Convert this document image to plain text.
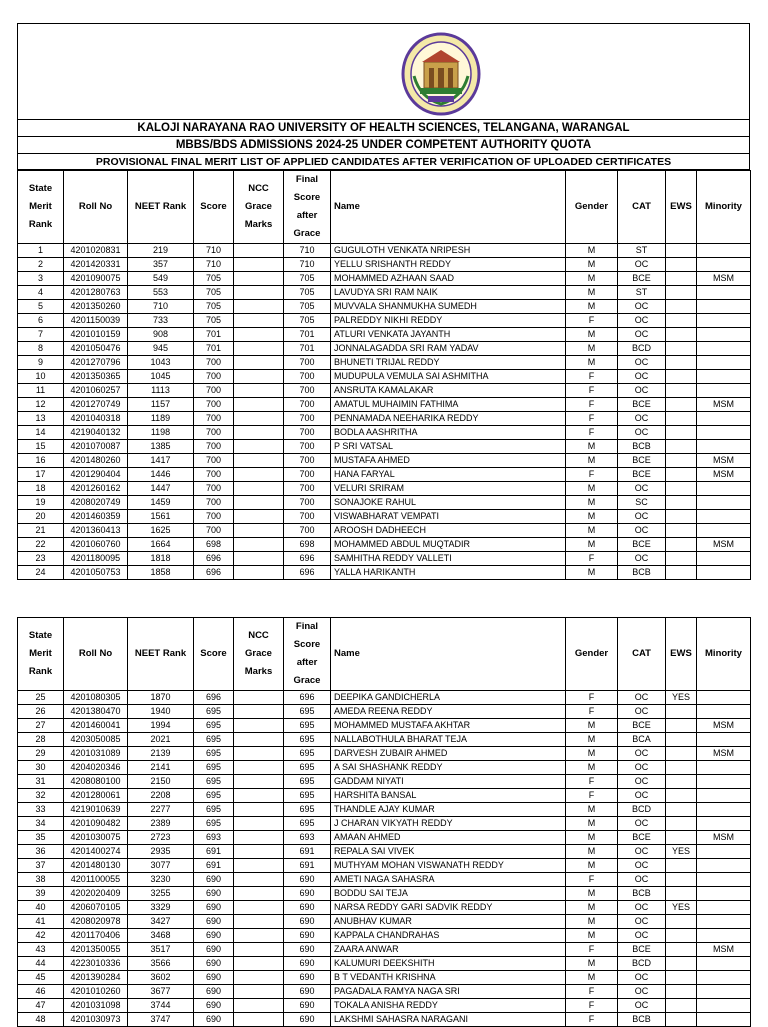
KALOJI NARAYANA RAO UNIVERSITY OF HEALTH SCIENCES, TELANGANA, WARANGAL
MBBS/BDS ADMISSIONS 2024-25 UNDER COMPETENT AUTHORITY QUOTA
PROVISIONAL FINAL MERIT LIST OF APPLIED CANDIDATES AFTER VERIFICATION OF UPLOADED CERTIFICATES
State
Merit
Rank	Roll No	NEET Rank	Score	NCC
Grace
Marks	Final
Score
after
Grace	Name	Gender	CAT	EWS	Minority
1	4201020831	219	710		710	GUGULOTH VENKATA NRIPESH	M	ST		
2	4201420331	357	710		710	YELLU SRISHANTH REDDY	M	OC		
3	4201090075	549	705		705	MOHAMMED AZHAAN SAAD	M	BCE		MSM
4	4201280763	553	705		705	LAVUDYA SRI RAM NAIK	M	ST		
5	4201350260	710	705		705	MUVVALA SHANMUKHA SUMEDH	M	OC		
6	4201150039	733	705		705	PALREDDY NIKHI REDDY	F	OC		
7	4201010159	908	701		701	ATLURI VENKATA JAYANTH	M	OC		
8	4201050476	945	701		701	JONNALAGADDA SRI RAM YADAV	M	BCD		
9	4201270796	1043	700		700	BHUNETI TRIJAL REDDY	M	OC		
10	4201350365	1045	700		700	MUDUPULA VEMULA SAI ASHMITHA	F	OC		
11	4201060257	1113	700		700	ANSRUTA KAMALAKAR	F	OC		
12	4201270749	1157	700		700	AMATUL MUHAIMIN FATHIMA	F	BCE		MSM
13	4201040318	1189	700		700	PENNAMADA NEEHARIKA REDDY	F	OC		
14	4219040132	1198	700		700	BODLA AASHRITHA	F	OC		
15	4201070087	1385	700		700	P SRI VATSAL	M	BCB		
16	4201480260	1417	700		700	MUSTAFA AHMED	M	BCE		MSM
17	4201290404	1446	700		700	HANA FARYAL	F	BCE		MSM
18	4201260162	1447	700		700	VELURI SRIRAM	M	OC		
19	4208020749	1459	700		700	SONAJOKE RAHUL	M	SC		
20	4201460359	1561	700		700	VISWABHARAT VEMPATI	M	OC		
21	4201360413	1625	700		700	AROOSH DADHEECH	M	OC		
22	4201060760	1664	698		698	MOHAMMED ABDUL MUQTADIR	M	BCE		MSM
23	4201180095	1818	696		696	SAMHITHA REDDY VALLETI	F	OC		
24	4201050753	1858	696		696	YALLA HARIKANTH	M	BCB		
State
Merit
Rank	Roll No	NEET Rank	Score	NCC
Grace
Marks	Final
Score
after
Grace	Name	Gender	CAT	EWS	Minority
25	4201080305	1870	696		696	DEEPIKA GANDICHERLA	F	OC	YES	
26	4201380470	1940	695		695	AMEDA REENA REDDY	F	OC		
27	4201460041	1994	695		695	MOHAMMED MUSTAFA AKHTAR	M	BCE		MSM
28	4203050085	2021	695		695	NALLABOTHULA BHARAT TEJA	M	BCA		
29	4201031089	2139	695		695	DARVESH ZUBAIR AHMED	M	OC		MSM
30	4204020346	2141	695		695	A SAI SHASHANK REDDY	M	OC		
31	4208080100	2150	695		695	GADDAM NIYATI	F	OC		
32	4201280061	2208	695		695	HARSHITA BANSAL	F	OC		
33	4219010639	2277	695		695	THANDLE AJAY KUMAR	M	BCD		
34	4201090482	2389	695		695	J CHARAN VIKYATH REDDY	M	OC		
35	4201030075	2723	693		693	AMAAN AHMED	M	BCE		MSM
36	4201400274	2935	691		691	REPALA SAI VIVEK	M	OC	YES	
37	4201480130	3077	691		691	MUTHYAM MOHAN VISWANATH REDDY	M	OC		
38	4201100055	3230	690		690	AMETI NAGA SAHASRA	F	OC		
39	4202020409	3255	690		690	BODDU SAI TEJA	M	BCB		
40	4206070105	3329	690		690	NARSA REDDY GARI SADVIK REDDY	M	OC	YES	
41	4208020978	3427	690		690	ANUBHAV KUMAR	M	OC		
42	4201170406	3468	690		690	KAPPALA CHANDRAHAS	M	OC		
43	4201350055	3517	690		690	ZAARA ANWAR	F	BCE		MSM
44	4223010336	3566	690		690	KALUMURI DEEKSHITH	M	BCD		
45	4201390284	3602	690		690	B T VEDANTH KRISHNA	M	OC		
46	4201010260	3677	690		690	PAGADALA RAMYA NAGA SRI	F	OC		
47	4201031098	3744	690		690	TOKALA ANISHA REDDY	F	OC		
48	4201030973	3747	690		690	LAKSHMI SAHASRA NARAGANI	F	BCB		
